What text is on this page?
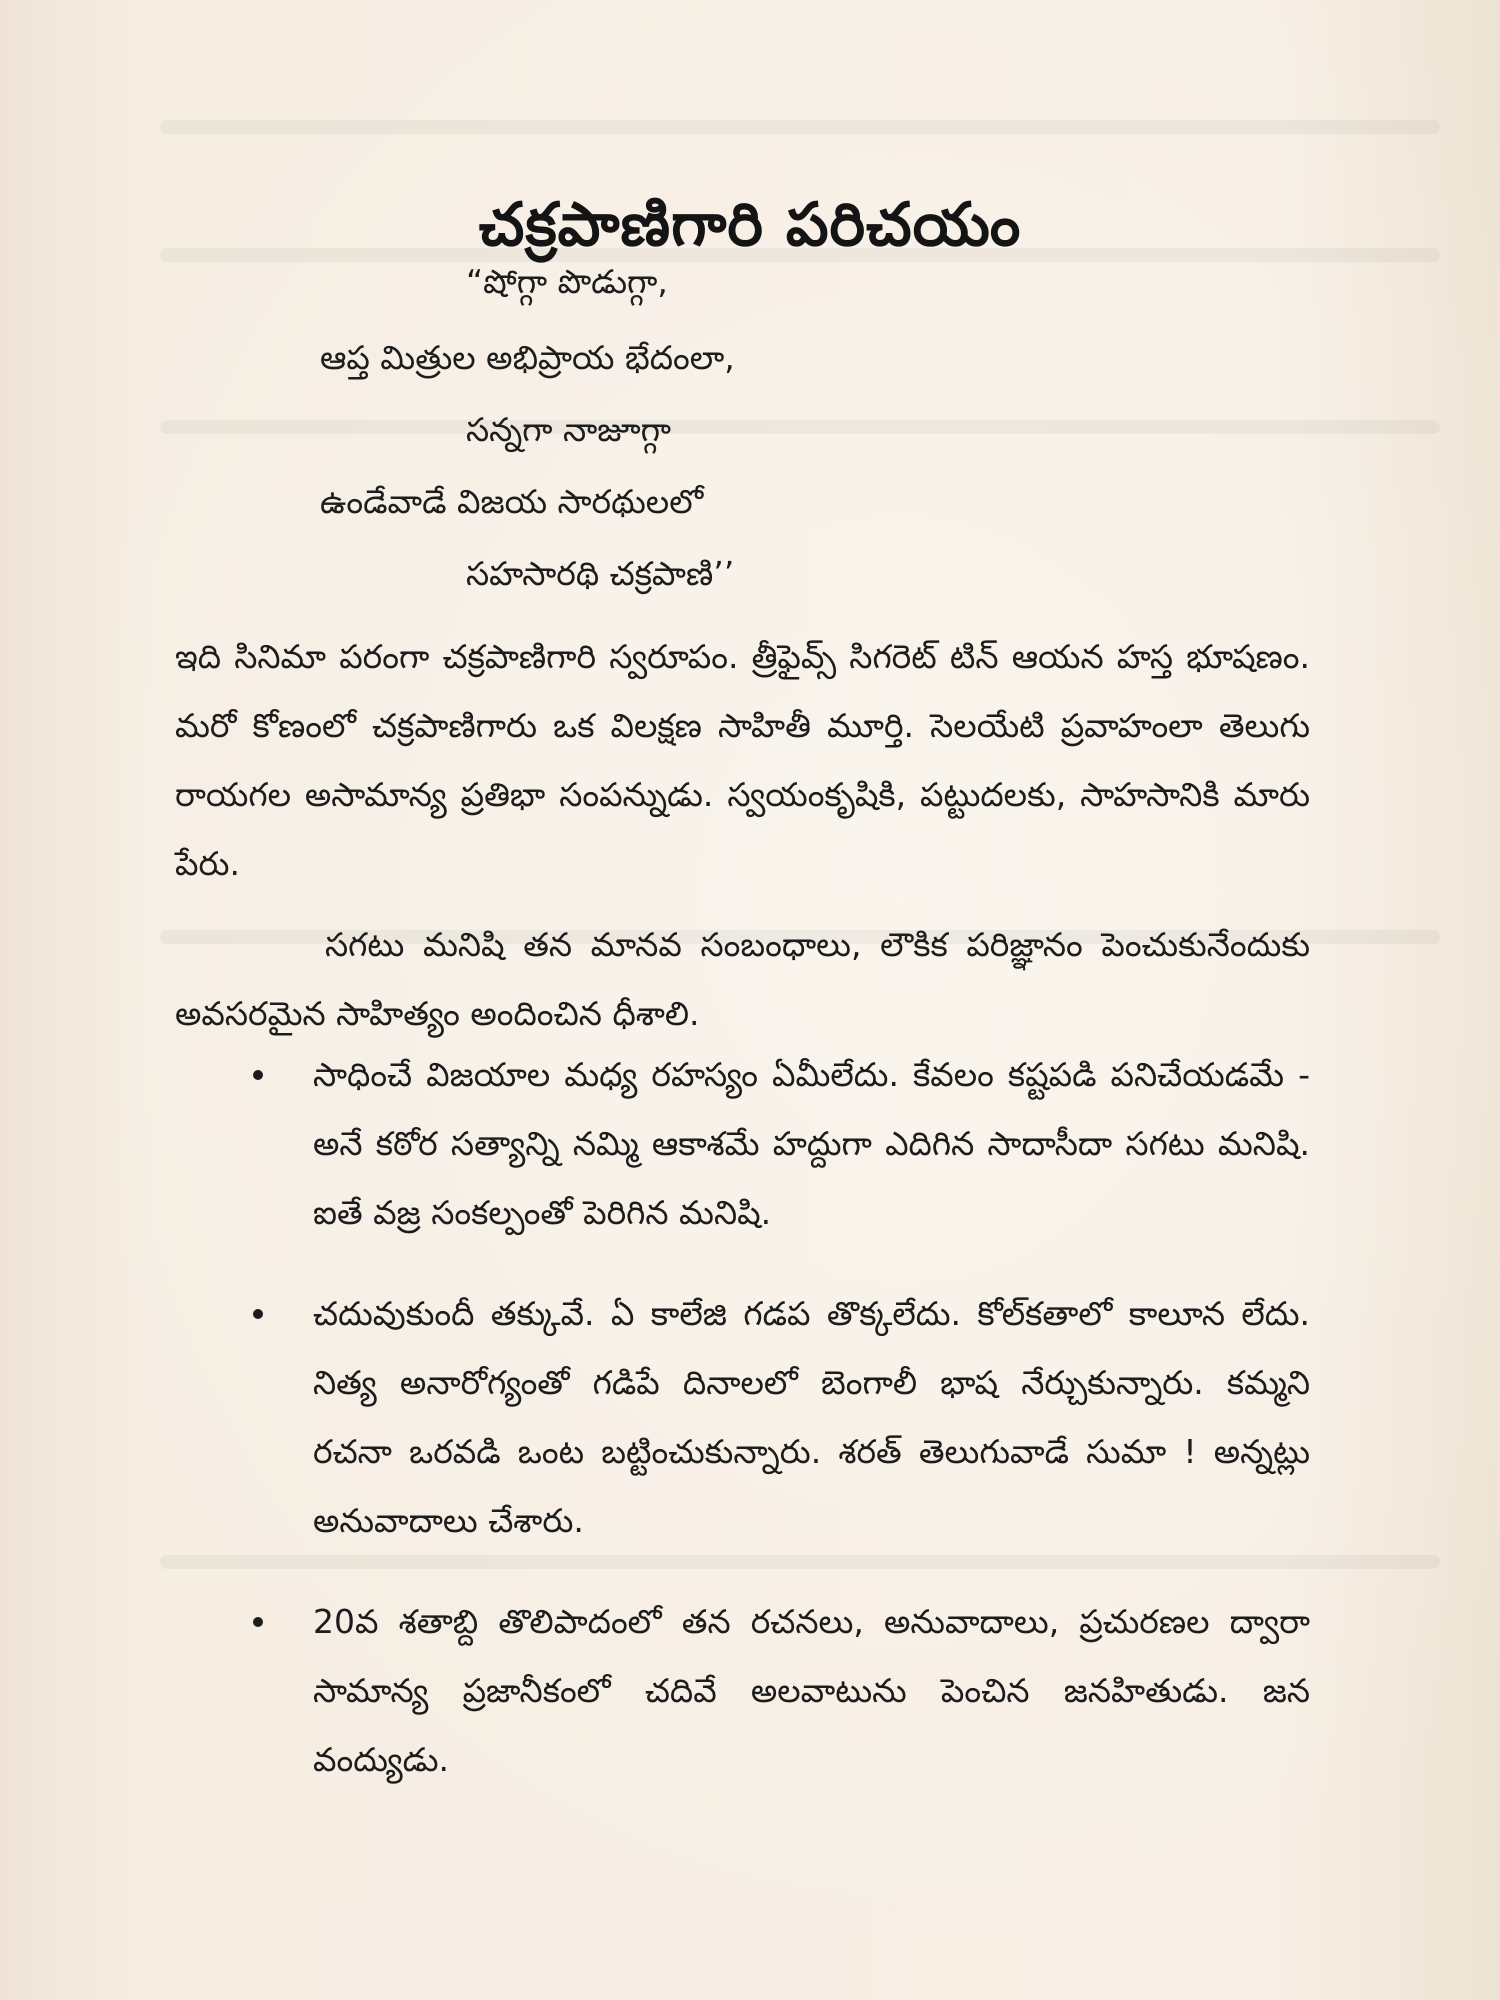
చక్రపాణిగారి పరిచయం
“షోగ్గా పొడుగ్గా,
ఆప్త మిత్రుల అభిప్రాయ భేదంలా,
సన్నగా నాజూగ్గా
ఉండేవాడే విజయ సారథులలో
సహసారథి చక్రపాణి’’

ఇది సినిమా పరంగా చక్రపాణిగారి స్వరూపం. త్రీఫైవ్స్ సిగరెట్ టిన్ ఆయన హస్త భూషణం. మరో కోణంలో చక్రపాణిగారు ఒక విలక్షణ సాహితీ మూర్తి. సెలయేటి ప్రవాహంలా తెలుగు రాయగల అసామాన్య ప్రతిభా సంపన్నుడు. స్వయంకృషికి, పట్టుదలకు, సాహసానికి మారు పేరు.

సగటు మనిషి తన మానవ సంబంధాలు, లౌకిక పరిజ్ఞానం పెంచుకునేందుకు అవసరమైన సాహిత్యం అందించిన ధీశాలి.

సాధించే విజయాల మధ్య రహస్యం ఏమీలేదు. కేవలం కష్టపడి పనిచేయడమే - అనే కఠోర సత్యాన్ని నమ్మి ఆకాశమే హద్దుగా ఎదిగిన సాదాసీదా సగటు మనిషి. ఐతే వజ్ర సంకల్పంతో పెరిగిన మనిషి.
చదువుకుందీ తక్కువే. ఏ కాలేజి గడప తొక్కలేదు. కోల్‌కతాలో కాలూన లేదు. నిత్య అనారోగ్యంతో గడిపే దినాలలో బెంగాలీ భాష నేర్చుకున్నారు. కమ్మని రచనా ఒరవడి ఒంట బట్టించుకున్నారు. శరత్ తెలుగువాడే సుమా ! అన్నట్లు అనువాదాలు చేశారు.
20వ శతాబ్ది తొలిపాదంలో తన రచనలు, అనువాదాలు, ప్రచురణల ద్వారా సామాన్య ప్రజానీకంలో చదివే అలవాటును పెంచిన జనహితుడు. జన వంద్యుడు.
